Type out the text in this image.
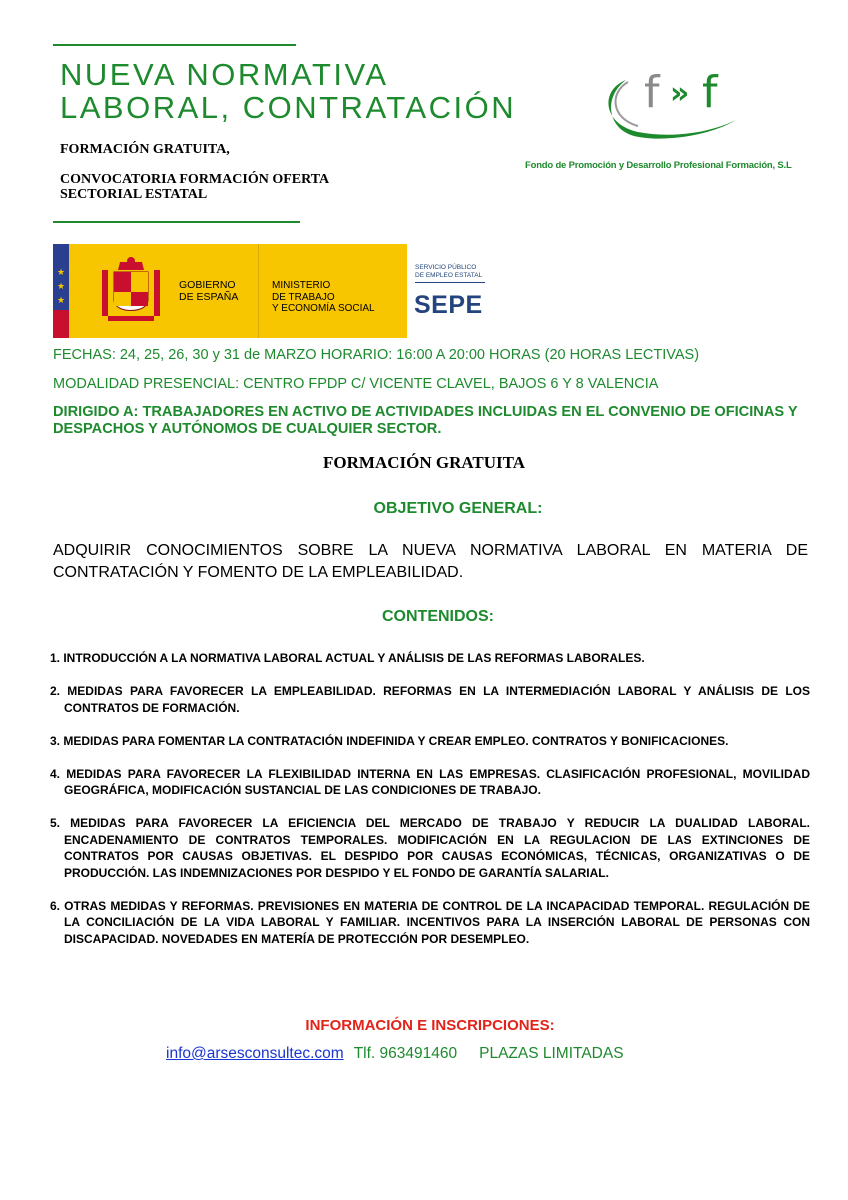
NUEVA NORMATIVA
LABORAL, CONTRATACIÓN
FORMACIÓN GRATUITA,
CONVOCATORIA FORMACIÓN OFERTA
SECTORIAL ESTATAL
f » f
Fondo de Promoción y Desarrollo Profesional Formación, S.L
★
★
★
GOBIERNO
DE ESPAÑA
MINISTERIO
DE TRABAJO
Y ECONOMÍA SOCIAL
SERVICIO PÚBLICO
DE EMPLEO ESTATAL
SEPE
FECHAS: 24, 25, 26, 30 y 31 de MARZO HORARIO: 16:00 A 20:00 HORAS (20 HORAS LECTIVAS)
MODALIDAD PRESENCIAL: CENTRO FPDP C/ VICENTE CLAVEL, BAJOS 6 Y 8 VALENCIA
DIRIGIDO A: TRABAJADORES EN ACTIVO DE ACTIVIDADES INCLUIDAS EN EL CONVENIO DE OFICINAS Y DESPACHOS Y AUTÓNOMOS DE CUALQUIER SECTOR.
FORMACIÓN GRATUITA
OBJETIVO GENERAL:
ADQUIRIR CONOCIMIENTOS SOBRE LA NUEVA NORMATIVA LABORAL EN MATERIA DE CONTRATACIÓN Y FOMENTO DE LA EMPLEABILIDAD.
CONTENIDOS:
1. INTRODUCCIÓN A LA NORMATIVA LABORAL ACTUAL Y ANÁLISIS DE LAS REFORMAS LABORALES.
2. MEDIDAS PARA FAVORECER LA EMPLEABILIDAD. REFORMAS EN LA INTERMEDIACIÓN LABORAL Y ANÁLISIS DE LOS CONTRATOS DE FORMACIÓN.
3. MEDIDAS PARA FOMENTAR LA CONTRATACIÓN INDEFINIDA Y CREAR EMPLEO. CONTRATOS Y BONIFICACIONES.
4. MEDIDAS PARA FAVORECER LA FLEXIBILIDAD INTERNA EN LAS EMPRESAS. CLASIFICACIÓN PROFESIONAL, MOVILIDAD GEOGRÁFICA, MODIFICACIÓN SUSTANCIAL DE LAS CONDICIONES DE TRABAJO.
5. MEDIDAS PARA FAVORECER LA EFICIENCIA DEL MERCADO DE TRABAJO Y REDUCIR LA DUALIDAD LABORAL. ENCADENAMIENTO DE CONTRATOS TEMPORALES. MODIFICACIÓN EN LA REGULACION DE LAS EXTINCIONES DE CONTRATOS POR CAUSAS OBJETIVAS. EL DESPIDO POR CAUSAS ECONÓMICAS, TÉCNICAS, ORGANIZATIVAS O DE PRODUCCIÓN. LAS INDEMNIZACIONES POR DESPIDO Y EL FONDO DE GARANTÍA SALARIAL.
6. OTRAS MEDIDAS Y REFORMAS. PREVISIONES EN MATERIA DE CONTROL DE LA INCAPACIDAD TEMPORAL. REGULACIÓN DE LA CONCILIACIÓN DE LA VIDA LABORAL Y FAMILIAR. INCENTIVOS PARA LA INSERCIÓN LABORAL DE PERSONAS CON DISCAPACIDAD. NOVEDADES EN MATERÍA DE PROTECCIÓN POR DESEMPLEO.
INFORMACIÓN E INSCRIPCIONES:
info@arsesconsultec.com Tlf. 963491460 PLAZAS LIMITADAS
